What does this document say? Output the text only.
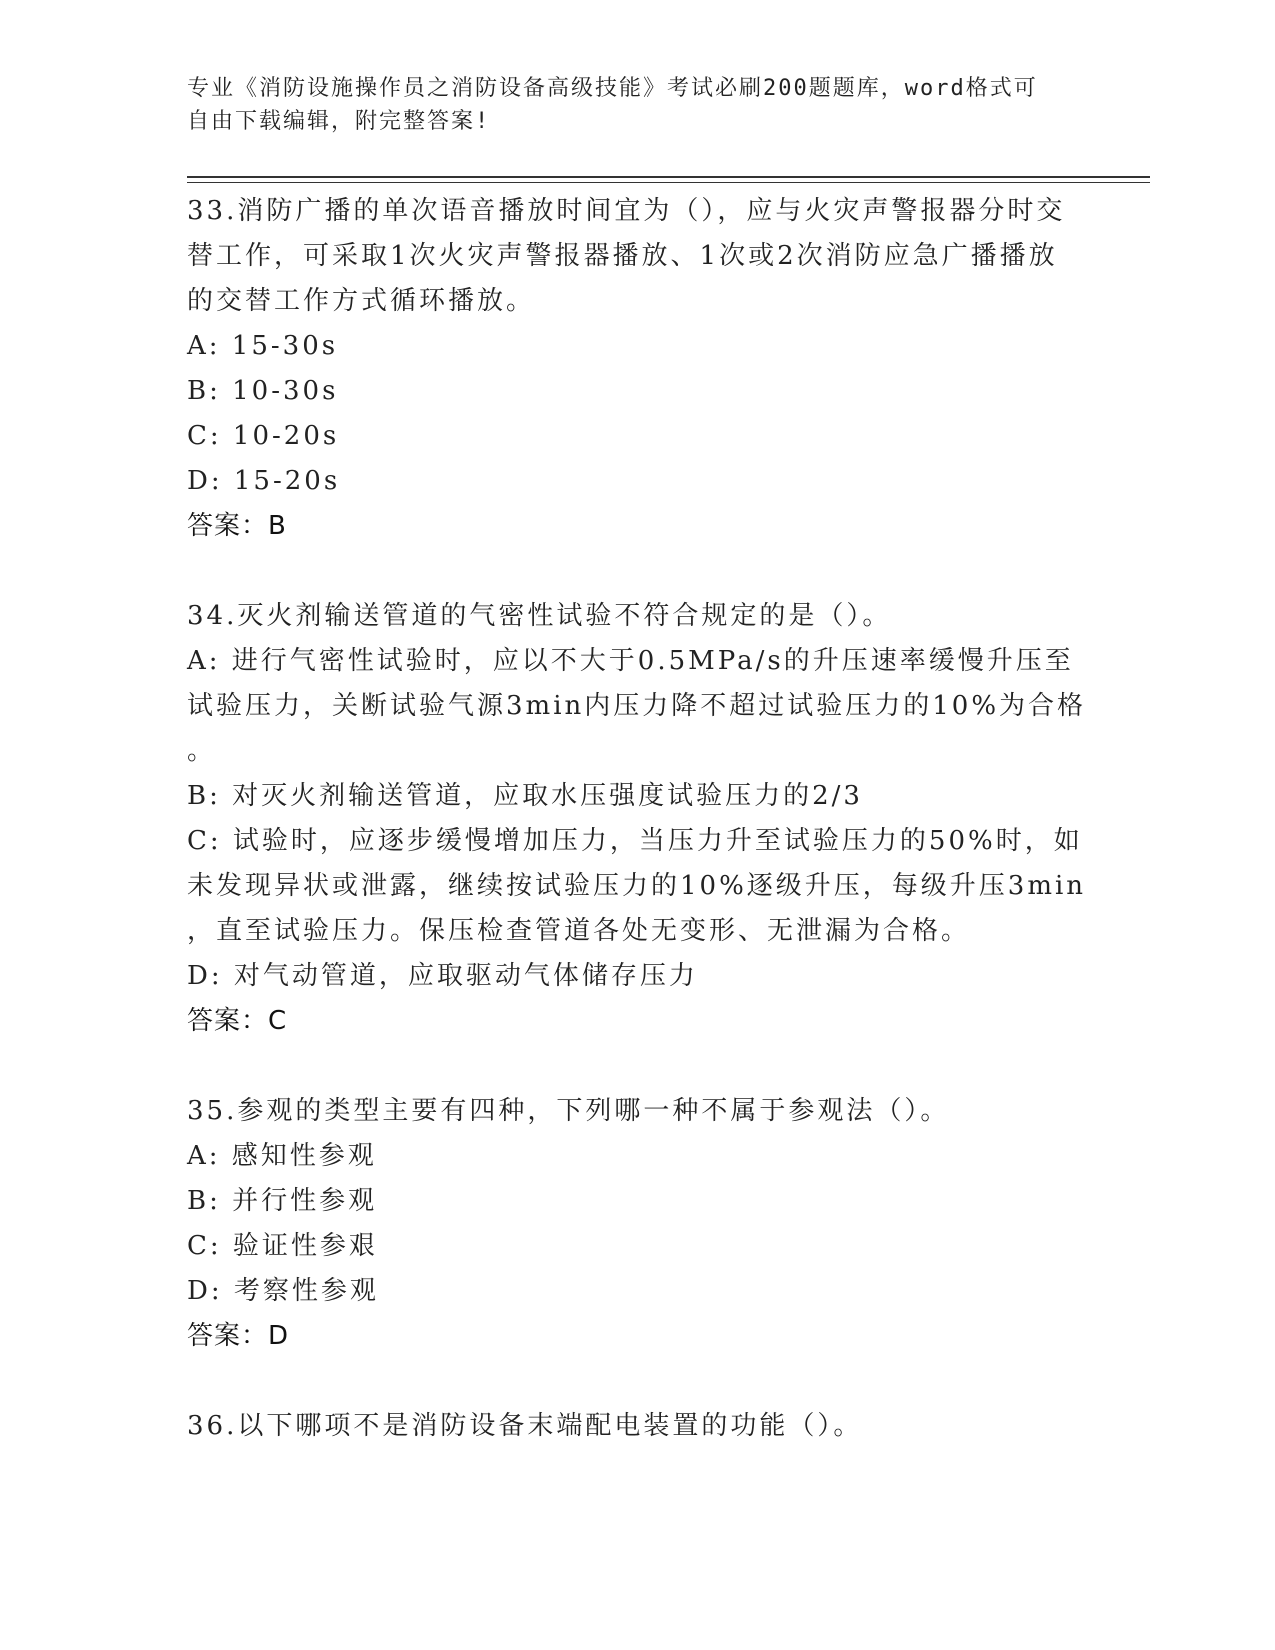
专业《消防设施操作员之消防设备高级技能》考试必刷200题题库，word格式可
自由下载编辑，附完整答案!
33.消防广播的单次语音播放时间宜为（），应与火灾声警报器分时交
替工作，可采取1次火灾声警报器播放、1次或2次消防应急广播播放
的交替工作方式循环播放。
A: 15-30s
B: 10-30s
C: 10-20s
D: 15-20s
答案：B
34.灭火剂输送管道的气密性试验不符合规定的是（）。
A: 进行气密性试验时，应以不大于0.5MPa/s的升压速率缓慢升压至
试验压力，关断试验气源3min内压力降不超过试验压力的10%为合格
。
B: 对灭火剂输送管道，应取水压强度试验压力的2/3
C: 试验时，应逐步缓慢增加压力，当压力升至试验压力的50%时，如
未发现异状或泄露，继续按试验压力的10%逐级升压，每级升压3min
，直至试验压力。保压检查管道各处无变形、无泄漏为合格。
D: 对气动管道，应取驱动气体储存压力
答案：C
35.参观的类型主要有四种，下列哪一种不属于参观法（）。
A: 感知性参观
B: 并行性参观
C: 验证性参艰
D: 考察性参观
答案：D
36.以下哪项不是消防设备末端配电装置的功能（）。
